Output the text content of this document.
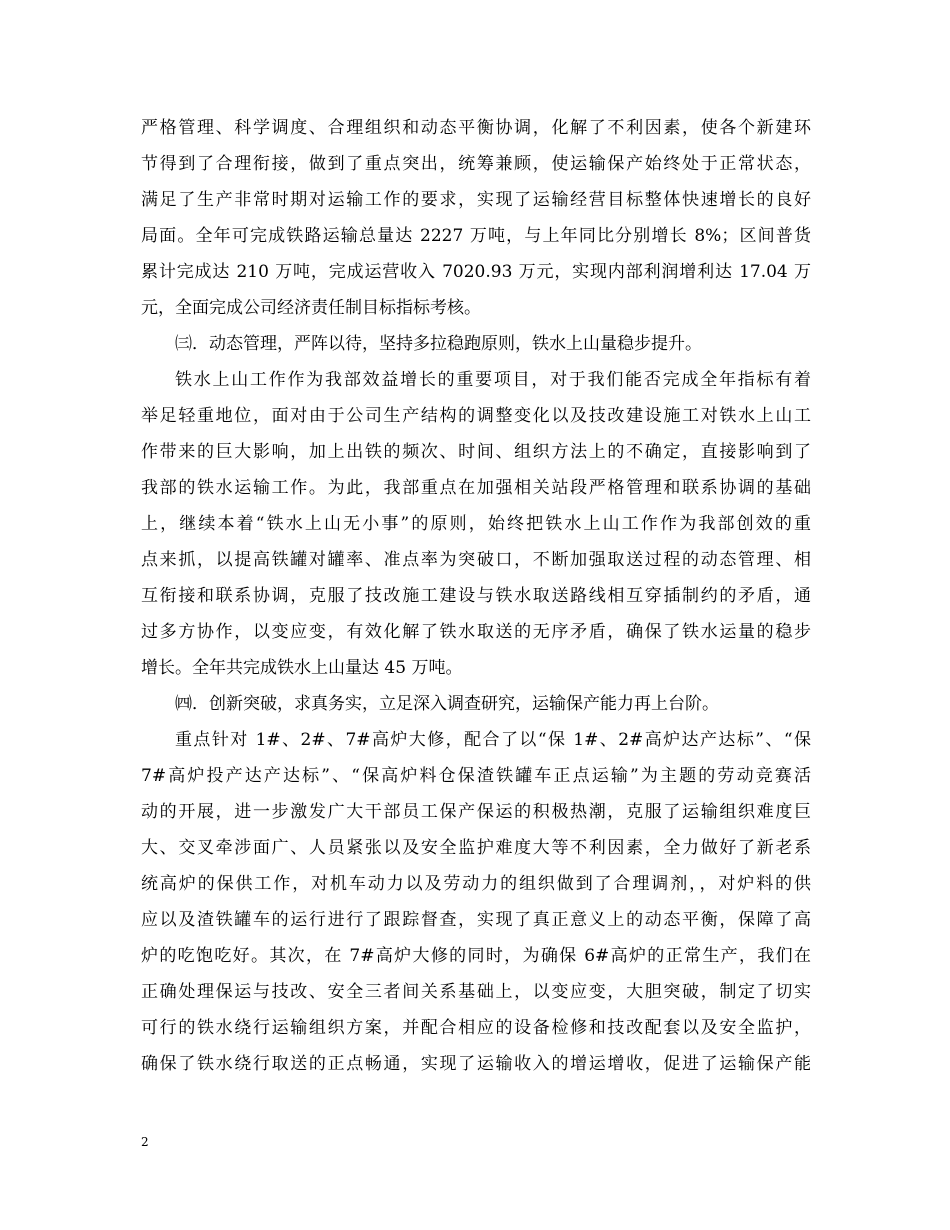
严格管理、科学调度、合理组织和动态平衡协调，化解了不利因素，使各个新建环
节得到了合理衔接，做到了重点突出，统筹兼顾，使运输保产始终处于正常状态，
满足了生产非常时期对运输工作的要求，实现了运输经营目标整体快速增长的良好
局面。全年可完成铁路运输总量达 2227 万吨，与上年同比分别增长 8%；区间普货
累计完成达 210 万吨，完成运营收入 7020.93 万元，实现内部利润增利达 17.04 万
元，全面完成公司经济责任制目标指标考核。
㈢．动态管理，严阵以待，坚持多拉稳跑原则，铁水上山量稳步提升。
铁水上山工作作为我部效益增长的重要项目，对于我们能否完成全年指标有着
举足轻重地位，面对由于公司生产结构的调整变化以及技改建设施工对铁水上山工
作带来的巨大影响，加上出铁的频次、时间、组织方法上的不确定，直接影响到了
我部的铁水运输工作。为此，我部重点在加强相关站段严格管理和联系协调的基础
上，继续本着“铁水上山无小事”的原则，始终把铁水上山工作作为我部创效的重
点来抓，以提高铁罐对罐率、准点率为突破口，不断加强取送过程的动态管理、相
互衔接和联系协调，克服了技改施工建设与铁水取送路线相互穿插制约的矛盾，通
过多方协作，以变应变，有效化解了铁水取送的无序矛盾，确保了铁水运量的稳步
增长。全年共完成铁水上山量达 45 万吨。
㈣．创新突破，求真务实，立足深入调查研究，运输保产能力再上台阶。
重点针对 1#、2#、7#高炉大修，配合了以“保 1#、2#高炉达产达标”、“保
7#高炉投产达产达标”、“保高炉料仓保渣铁罐车正点运输”为主题的劳动竞赛活
动的开展，进一步激发广大干部员工保产保运的积极热潮，克服了运输组织难度巨
大、交叉牵涉面广、人员紧张以及安全监护难度大等不利因素，全力做好了新老系
统高炉的保供工作，对机车动力以及劳动力的组织做到了合理调剂，，对炉料的供
应以及渣铁罐车的运行进行了跟踪督查，实现了真正意义上的动态平衡，保障了高
炉的吃饱吃好。其次，在 7#高炉大修的同时，为确保 6#高炉的正常生产，我们在
正确处理保运与技改、安全三者间关系基础上，以变应变，大胆突破，制定了切实
可行的铁水绕行运输组织方案，并配合相应的设备检修和技改配套以及安全监护，
确保了铁水绕行取送的正点畅通，实现了运输收入的增运增收，促进了运输保产能
2
